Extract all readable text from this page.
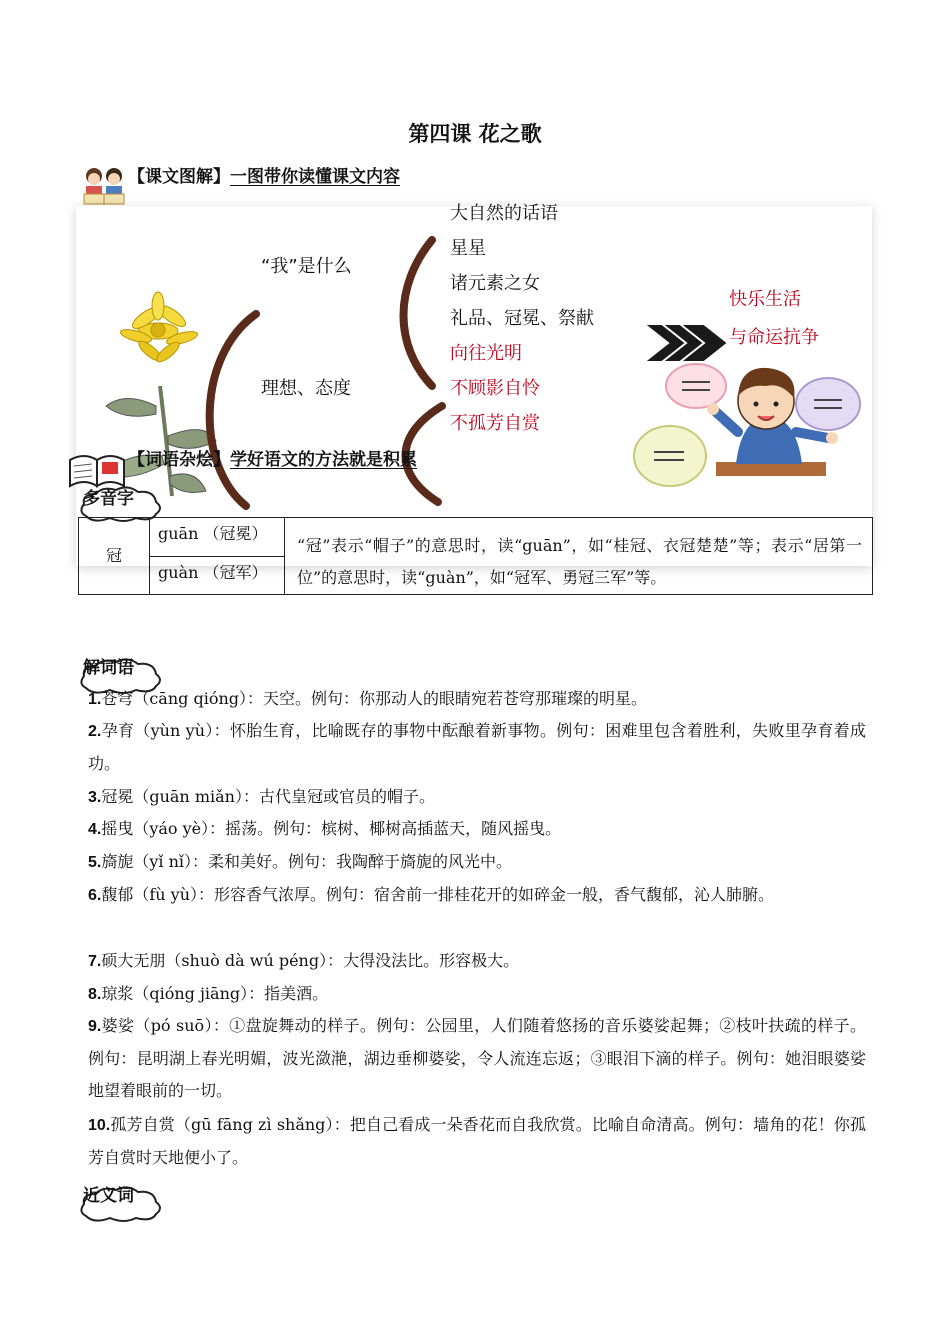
第四课 花之歌
【课文图解】一图带你读懂课文内容
“我”是什么
理想、态度
大自然的话语
星星
诸元素之女
礼品、冠冕、祭献
向往光明
不顾影自怜
不孤芳自赏
快乐生活
与命运抗争
【词语杂烩】学好语文的方法就是积累
多音字
冠	guān （冠冕）	“冠”表示“帽子”的意思时，读“guān”，如“桂冠、衣冠楚楚”等；表示“居第一位”的意思时，读“guàn”，如“冠军、勇冠三军”等。
guàn （冠军）
解词语
1.苍穹（cāng qióng）：天空。例句：你那动人的眼睛宛若苍穹那璀璨的明星。
2.孕育（yùn yù）：怀胎生育，比喻既存的事物中酝酿着新事物。例句：困难里包含着胜利，失败里孕育着成功。
3.冠冕（guān miǎn）：古代皇冠或官员的帽子。
4.摇曳（yáo yè）：摇荡。例句：槟树、椰树高插蓝天，随风摇曳。
5.旖旎（yǐ nǐ）：柔和美好。例句：我陶醉于旖旎的风光中。
6.馥郁（fù yù）：形容香气浓厚。例句：宿舍前一排桂花开的如碎金一般，香气馥郁，沁人肺腑。
7.硕大无朋（shuò dà wú péng）：大得没法比。形容极大。
8.琼浆（qióng jiāng）：指美酒。
9.婆娑（pó suō）：①盘旋舞动的样子。例句：公园里，人们随着悠扬的音乐婆娑起舞；②枝叶扶疏的样子。例句：昆明湖上春光明媚，波光潋滟，湖边垂柳婆娑，令人流连忘返；③眼泪下滴的样子。例句：她泪眼婆娑地望着眼前的一切。
10.孤芳自赏（gū fāng zì shǎng）：把自己看成一朵香花而自我欣赏。比喻自命清高。例句：墙角的花！你孤芳自赏时天地便小了。
近义词
